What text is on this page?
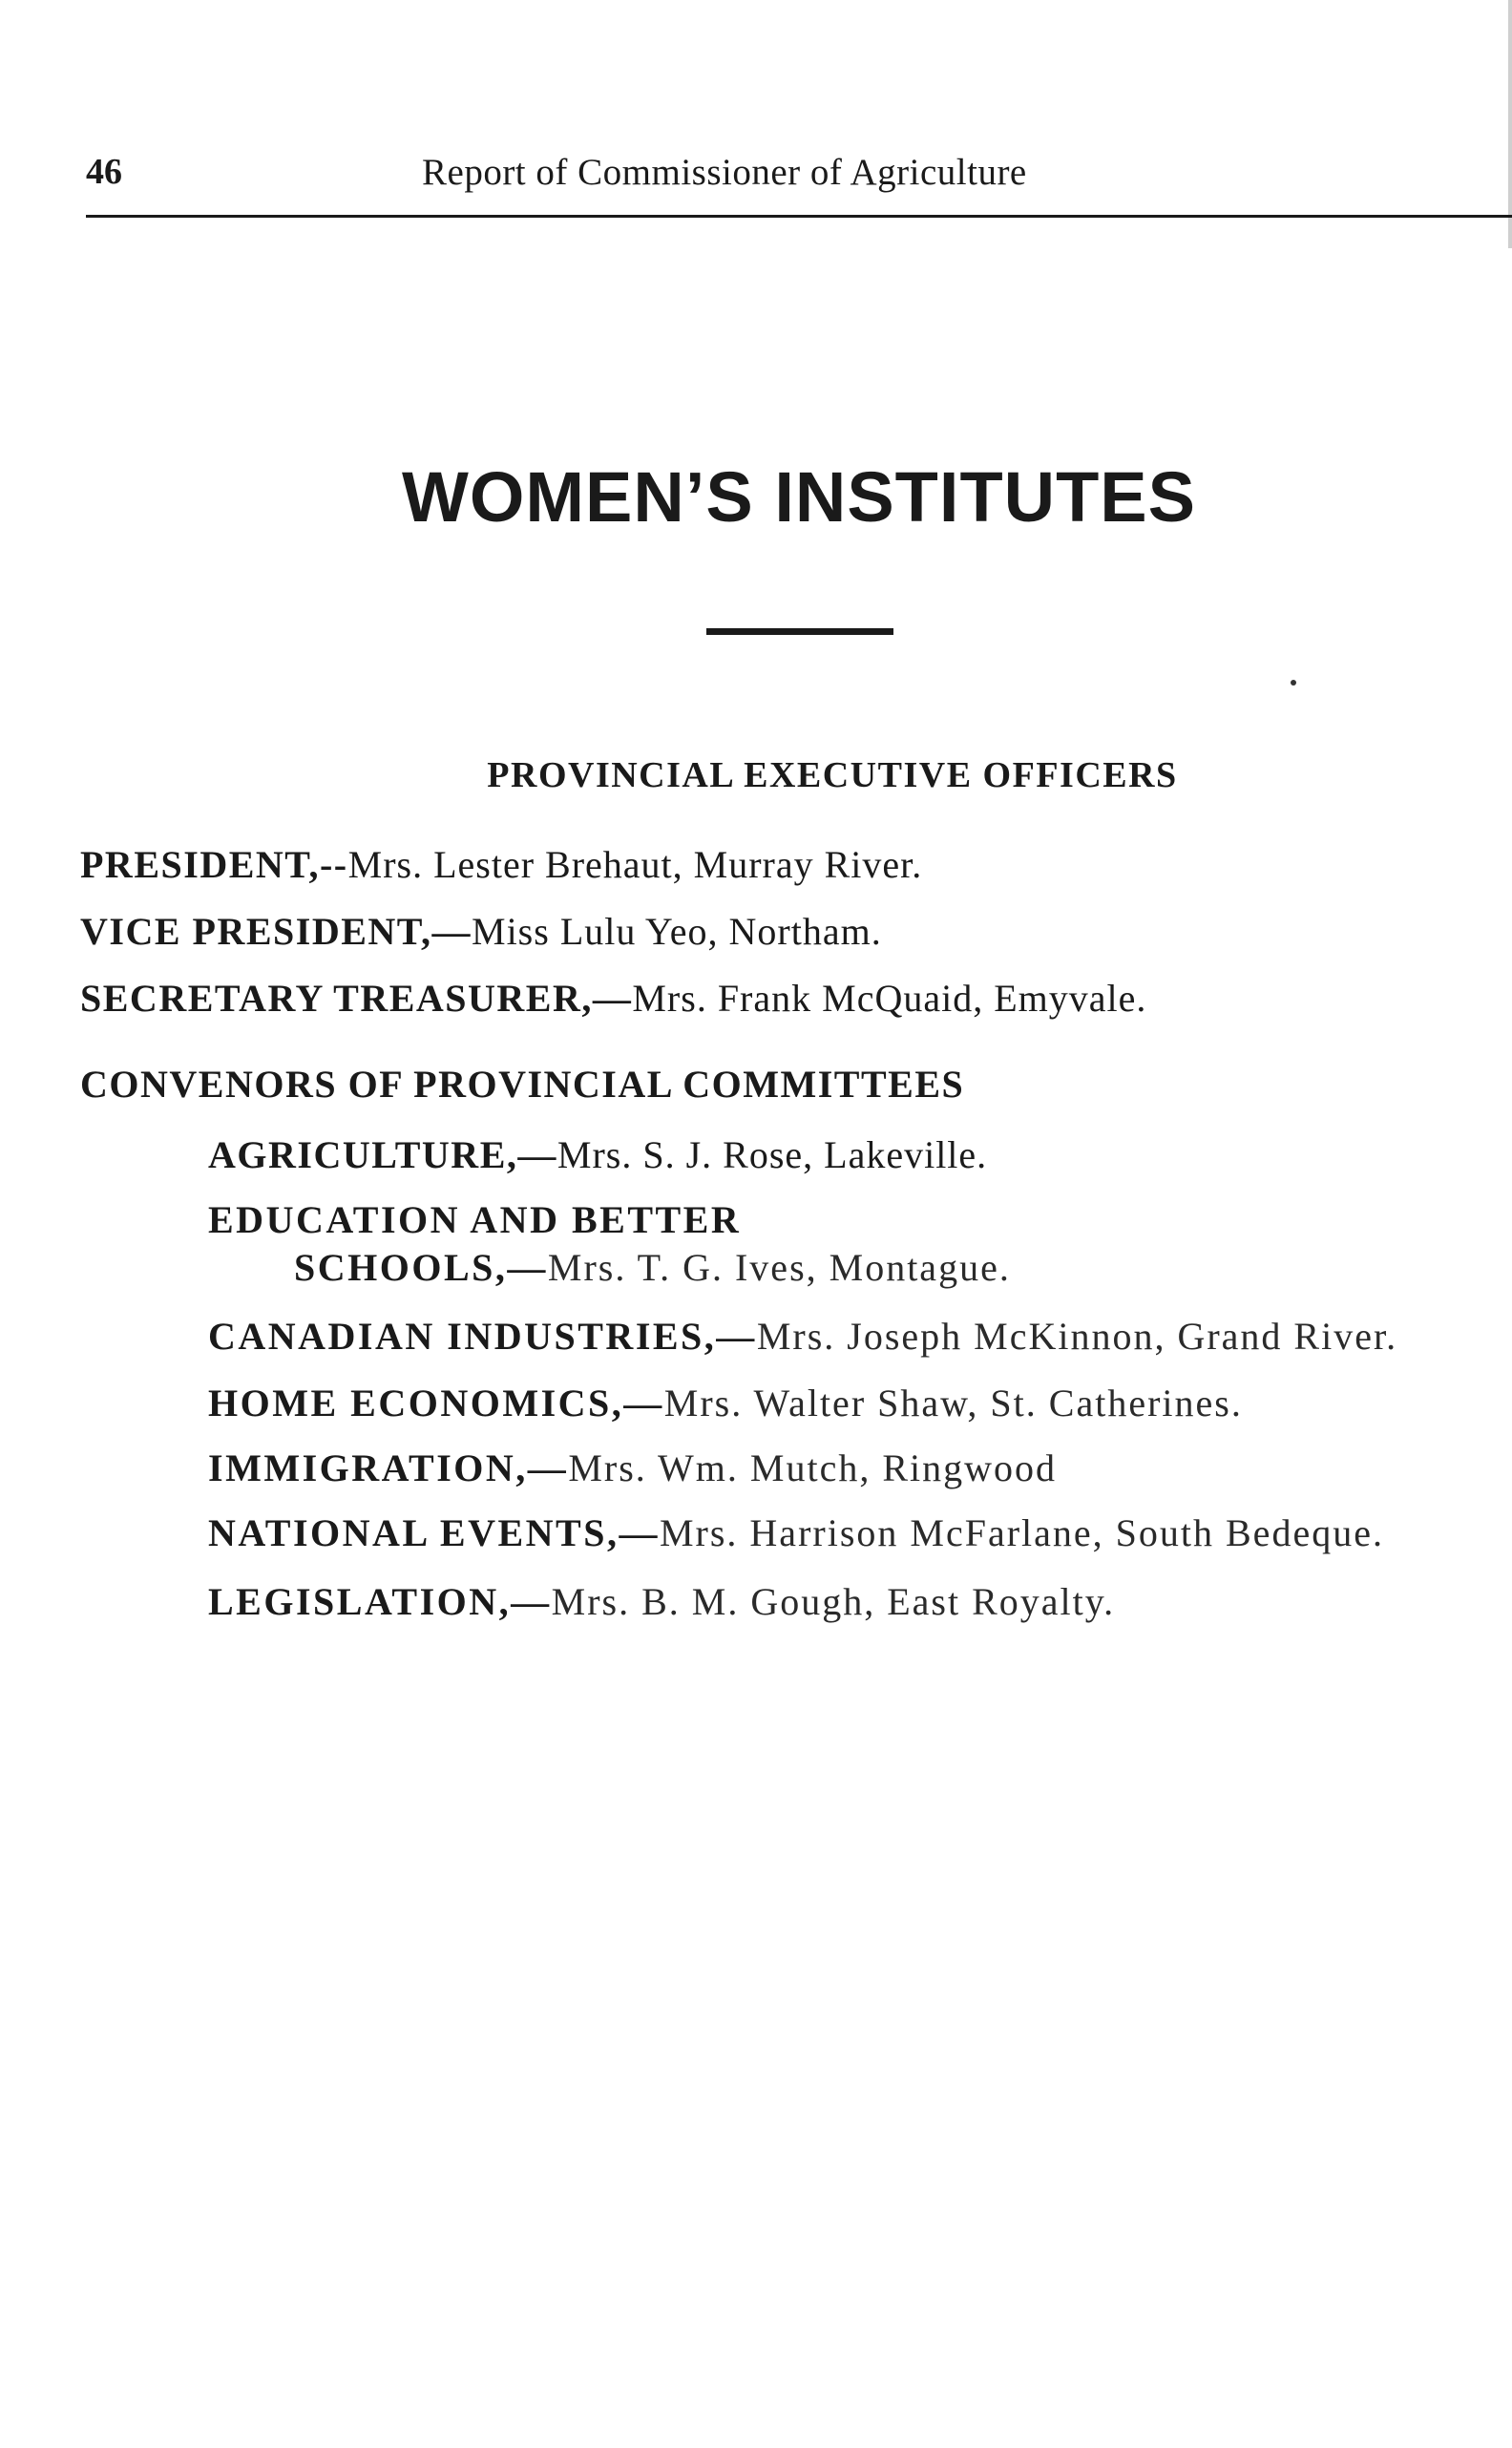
46	Report of Commissioner of Agriculture
WOMEN’S INSTITUTES
PROVINCIAL EXECUTIVE OFFICERS
PRESIDENT,--Mrs. Lester Brehaut, Murray River.
VICE PRESIDENT,—Miss Lulu Yeo, Northam.
SECRETARY TREASURER,—Mrs. Frank McQuaid, Emyvale.
CONVENORS OF PROVINCIAL COMMITTEES
AGRICULTURE,—Mrs. S. J. Rose, Lakeville.
EDUCATION AND BETTER
SCHOOLS,—Mrs. T. G. Ives, Montague.
CANADIAN INDUSTRIES,—Mrs. Joseph McKinnon, Grand River.
HOME ECONOMICS,—Mrs. Walter Shaw, St. Catherines.
IMMIGRATION,—Mrs. Wm. Mutch, Ringwood
NATIONAL EVENTS,—Mrs. Harrison McFarlane, South Bedeque.
LEGISLATION,—Mrs. B. M. Gough, East Royalty.
